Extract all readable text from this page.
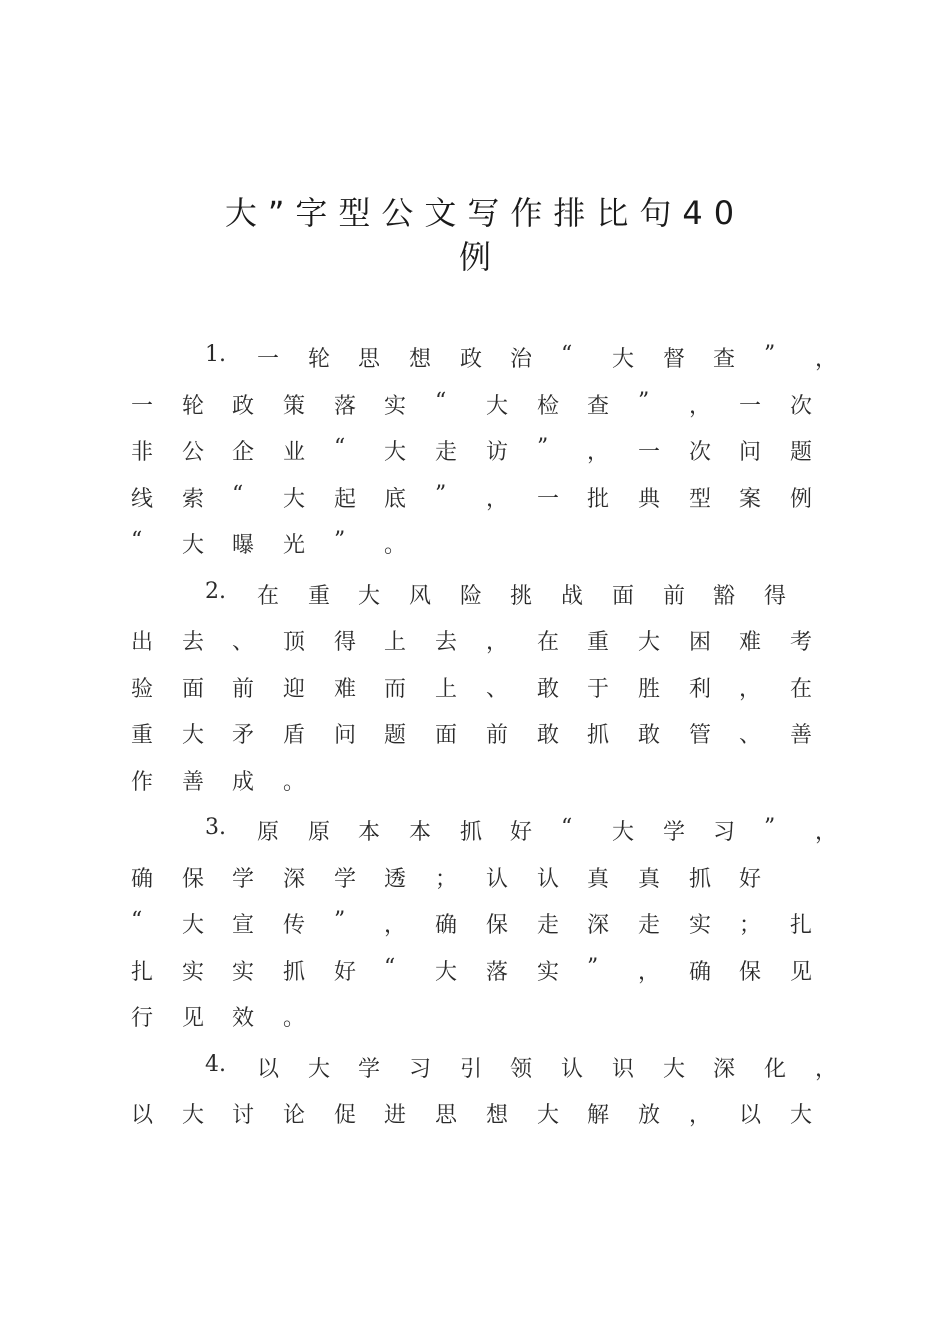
大”字型公文写作排比句40
例
1. 一 轮 思 想 政 治 “ 大 督 查 ” ，
一 轮 政 策 落 实 “ 大 检 查 ” ， 一 次
非 公 企 业 “ 大 走 访 ” ， 一 次 问 题
线 索 “ 大 起 底 ” ， 一 批 典 型 案 例
“ 大 曝 光 ” 。
2. 在 重 大 风 险 挑 战 面 前 豁 得
出 去 、 顶 得 上 去 ， 在 重 大 困 难 考
验 面 前 迎 难 而 上 、 敢 于 胜 利 ， 在
重 大 矛 盾 问 题 面 前 敢 抓 敢 管 、 善
作 善 成 。
3. 原 原 本 本 抓 好 “ 大 学 习 ” ，
确 保 学 深 学 透 ； 认 认 真 真 抓 好
“ 大 宣 传 ” ， 确 保 走 深 走 实 ； 扎
扎 实 实 抓 好 “ 大 落 实 ” ， 确 保 见
行 见 效 。
4. 以 大 学 习 引 领 认 识 大 深 化 ，
以 大 讨 论 促 进 思 想 大 解 放 ， 以 大
